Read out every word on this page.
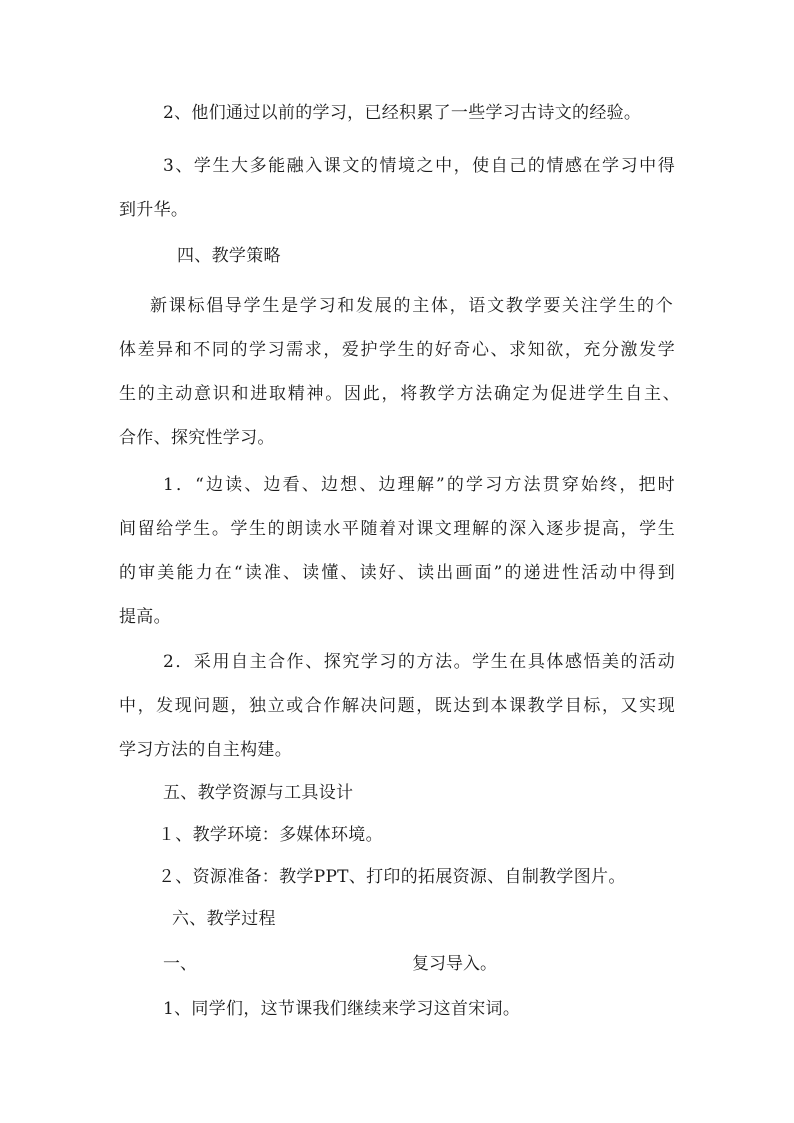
2、他们通过以前的学习，已经积累了一些学习古诗文的经验。
3、学生大多能融入课文的情境之中，使自己的情感在学习中得
到升华。
四、教学策略
新课标倡导学生是学习和发展的主体，语文教学要关注学生的个
体差异和不同的学习需求，爱护学生的好奇心、求知欲，充分激发学
生的主动意识和进取精神。因此，将教学方法确定为促进学生自主、
合作、探究性学习。
1．“边读、边看、边想、边理解”的学习方法贯穿始终，把时
间留给学生。学生的朗读水平随着对课文理解的深入逐步提高，学生
的审美能力在“读准、读懂、读好、读出画面”的递进性活动中得到
提高。
2．采用自主合作、探究学习的方法。学生在具体感悟美的活动
中，发现问题，独立或合作解决问题，既达到本课教学目标，又实现
学习方法的自主构建。
五、教学资源与工具设计
１、教学环境：多媒体环境。
２、资源准备：教学PPT、打印的拓展资源、自制教学图片。
六、教学过程
一、	复习导入。
1、同学们，这节课我们继续来学习这首宋词。
